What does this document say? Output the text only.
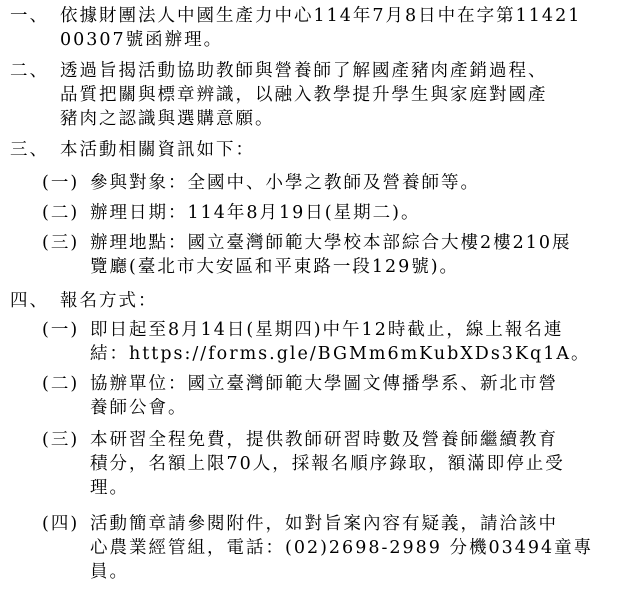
一、 依據財團法人中國生產力中心114年7月8日中在字第11421
00307號函辦理。
二、 透過旨揭活動協助教師與營養師了解國產豬肉產銷過程、
品質把關與標章辨識，以融入教學提升學生與家庭對國產
豬肉之認識與選購意願。
三、 本活動相關資訊如下：
(一) 參與對象：全國中、小學之教師及營養師等。
(二) 辦理日期：114年8月19日(星期二)。
(三) 辦理地點：國立臺灣師範大學校本部綜合大樓2樓210展
覽廳(臺北市大安區和平東路一段129號)。
四、 報名方式：
(一) 即日起至8月14日(星期四)中午12時截止，線上報名連
結：https://forms.gle/BGMm6mKubXDs3Kq1A。
(二) 協辦單位：國立臺灣師範大學圖文傳播學系、新北市營
養師公會。
(三) 本研習全程免費，提供教師研習時數及營養師繼續教育
積分，名額上限70人，採報名順序錄取，額滿即停止受
理。
(四) 活動簡章請參閱附件，如對旨案內容有疑義，請洽該中
心農業經管組，電話：(02)2698-2989 分機03494童專
員。
